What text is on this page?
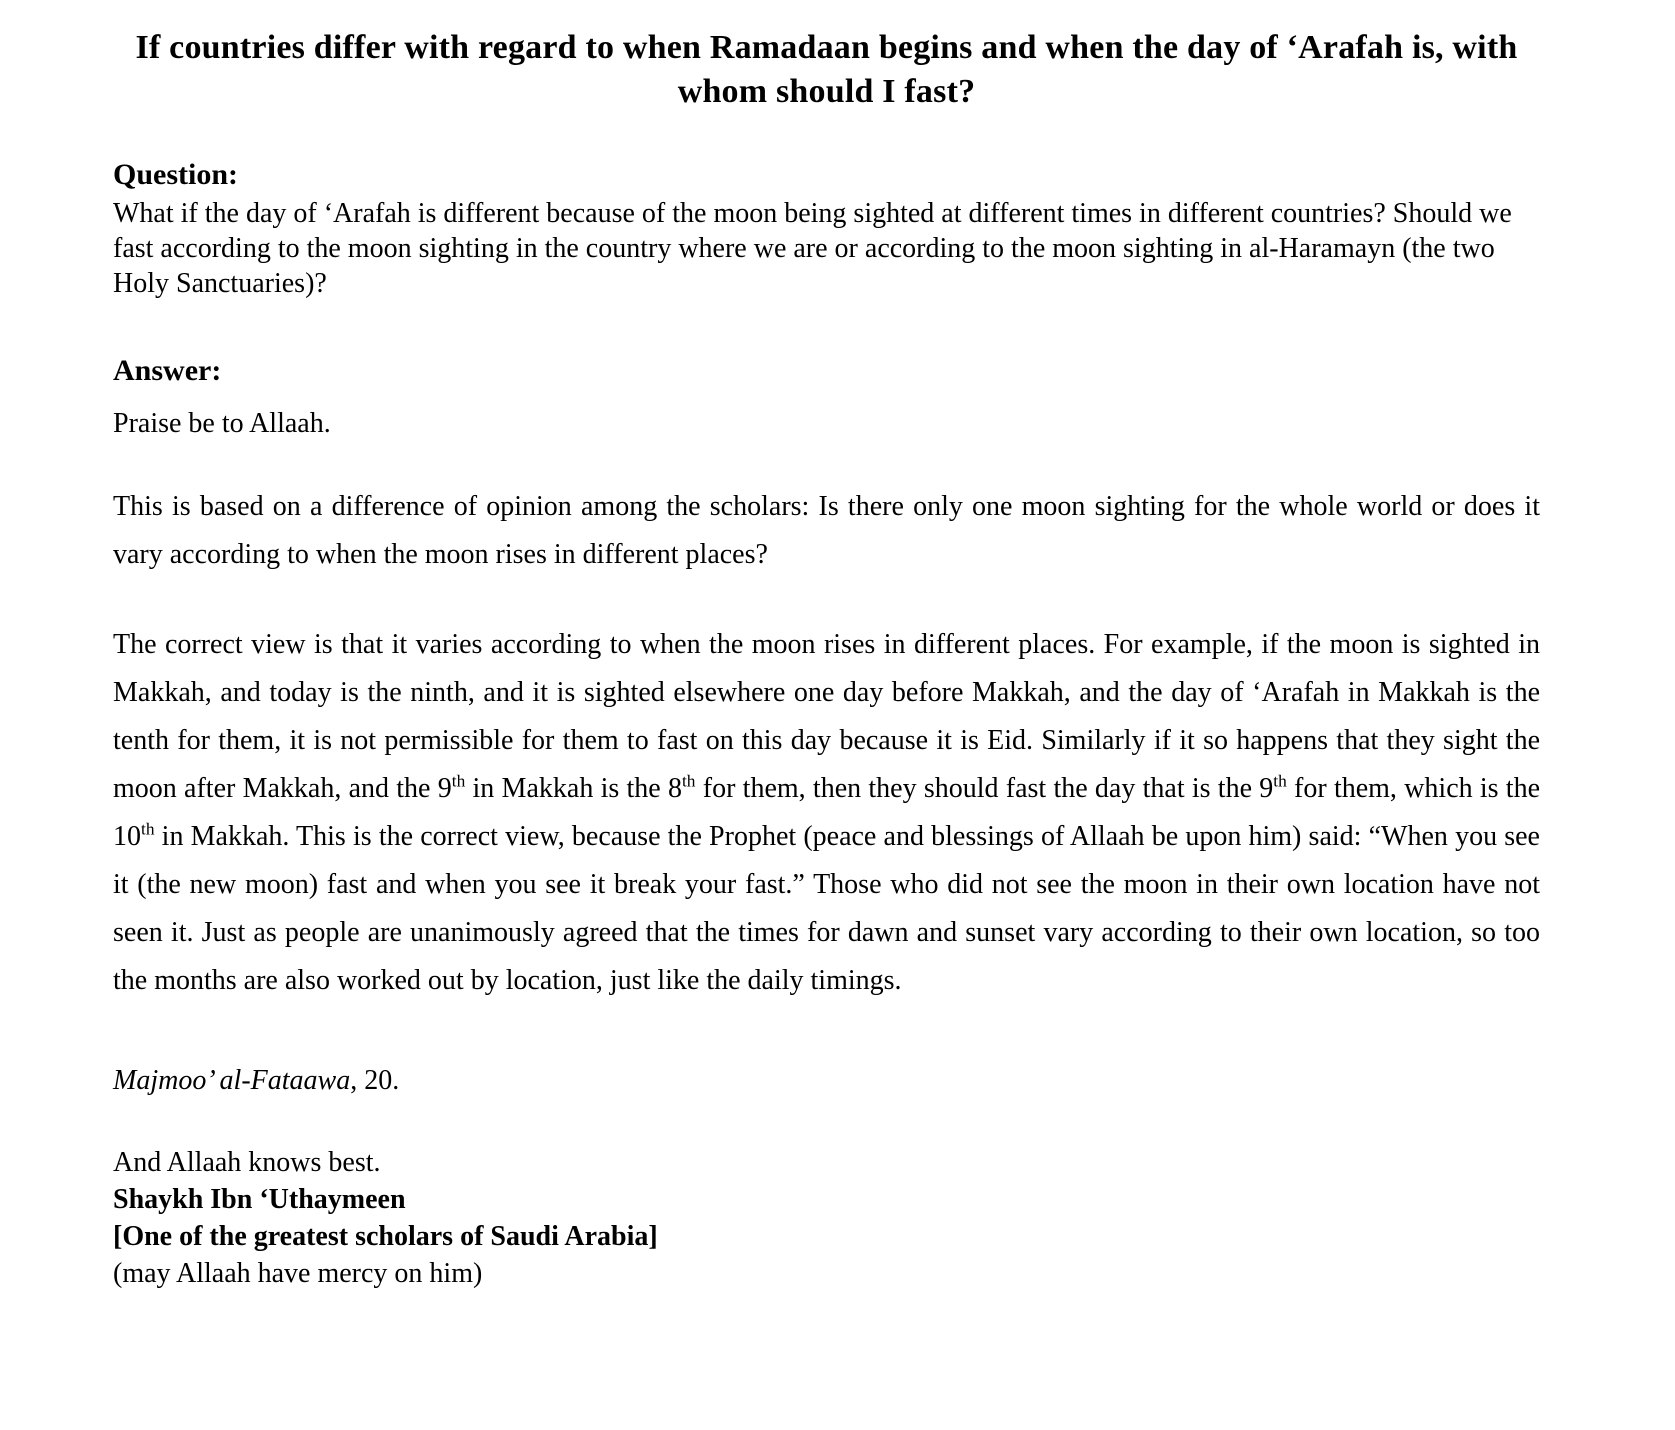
If countries differ with regard to when Ramadaan begins and when the day of ‘Arafah is, with whom should I fast?
Question:

What if the day of ‘Arafah is different because of the moon being sighted at different times in different countries? Should we fast according to the moon sighting in the country where we are or according to the moon sighting in al-Haramayn (the two Holy Sanctuaries)?

Answer:

Praise be to Allaah.

This is based on a difference of opinion among the scholars: Is there only one moon sighting for the whole world or does it vary according to when the moon rises in different places?

The correct view is that it varies according to when the moon rises in different places. For example, if the moon is sighted in Makkah, and today is the ninth, and it is sighted elsewhere one day before Makkah, and the day of ‘Arafah in Makkah is the tenth for them, it is not permissible for them to fast on this day because it is Eid. Similarly if it so happens that they sight the moon after Makkah, and the 9th in Makkah is the 8th for them, then they should fast the day that is the 9th for them, which is the 10th in Makkah. This is the correct view, because the Prophet (peace and blessings of Allaah be upon him) said: “When you see it (the new moon) fast and when you see it break your fast.” Those who did not see the moon in their own location have not seen it. Just as people are unanimously agreed that the times for dawn and sunset vary according to their own location, so too the months are also worked out by location, just like the daily timings.

Majmoo’ al-Fataawa, 20.

And Allaah knows best.
Shaykh Ibn ‘Uthaymeen
[One of the greatest scholars of Saudi Arabia]
(may Allaah have mercy on him)
